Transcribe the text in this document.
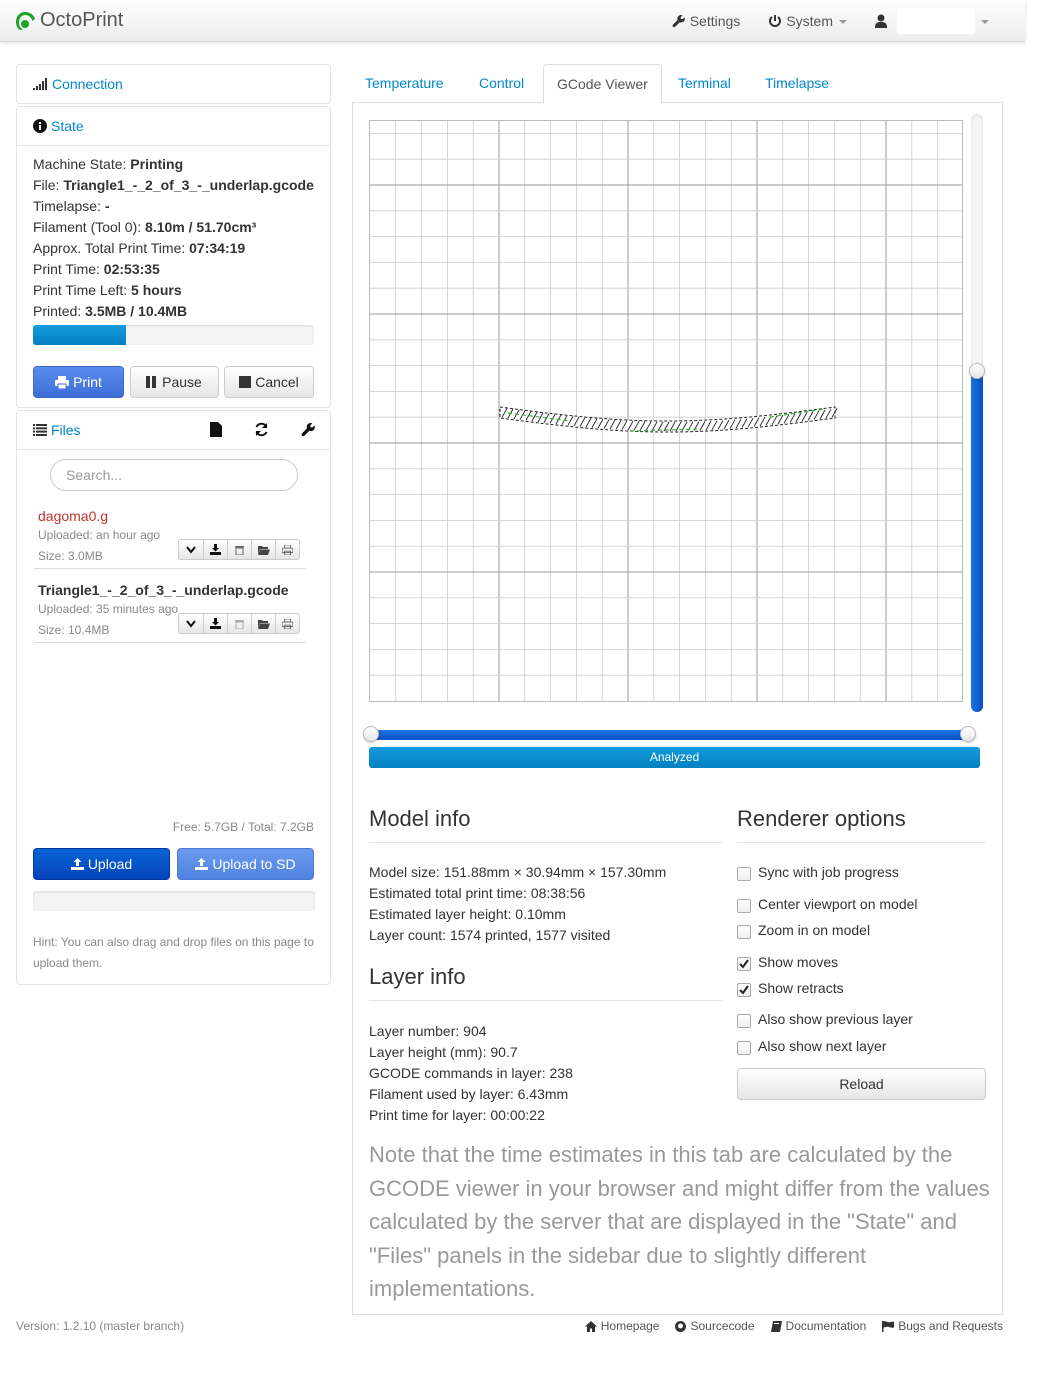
OctoPrint	Settings	System
Connection
State
Machine State: Printing
File: Triangle1_-_2_of_3_-_underlap.gcode
Timelapse: -
Filament (Tool 0): 8.10m / 51.70cm³
Approx. Total Print Time: 07:34:19
Print Time: 02:53:35
Print Time Left: 5 hours
Printed: 3.5MB / 10.4MB
Print	Pause	Cancel
Files
Search...
dagoma0.g
Uploaded: an hour ago
Size: 3.0MB
Triangle1_-_2_of_3_-_underlap.gcode
Uploaded: 35 minutes ago
Size: 10.4MB
Free: 5.7GB / Total: 7.2GB
Upload	Upload to SD
Hint: You can also drag and drop files on this page to upload them.
Temperature	Control	GCode Viewer	Terminal	Timelapse
Analyzed
Model info
Model size: 151.88mm × 30.94mm × 157.30mm
Estimated total print time: 08:38:56
Estimated layer height: 0.10mm
Layer count: 1574 printed, 1577 visited
Layer info
Layer number: 904
Layer height (mm): 90.7
GCODE commands in layer: 238
Filament used by layer: 6.43mm
Print time for layer: 00:00:22
Renderer options
Sync with job progress
Center viewport on model
Zoom in on model
Show moves
Show retracts
Also show previous layer
Also show next layer
Reload
Note that the time estimates in this tab are calculated by the GCODE viewer in your browser and might differ from the values calculated by the server that are displayed in the "State" and "Files" panels in the sidebar due to slightly different implementations.
Version: 1.2.10 (master branch)	Homepage	Sourcecode	Documentation	Bugs and Requests
